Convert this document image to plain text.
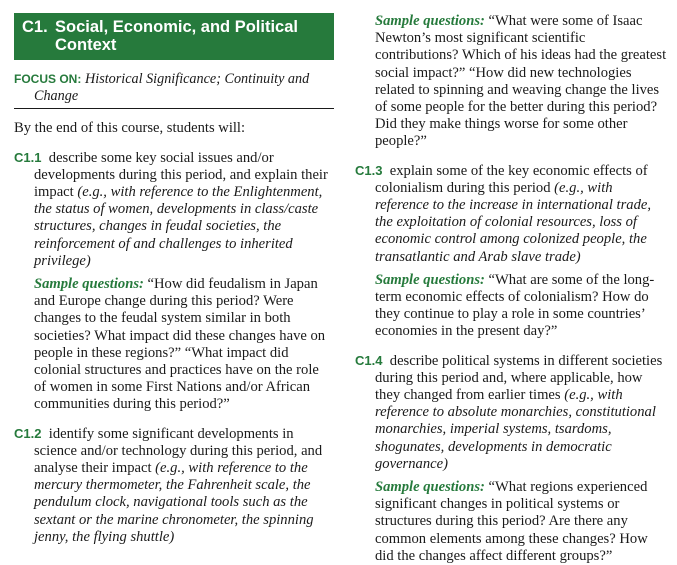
C1. Social, Economic, and Political Context
FOCUS ON: Historical Significance; Continuity and Change
By the end of this course, students will:
C1.1 describe some key social issues and/or developments during this period, and explain their impact (e.g., with reference to the Enlightenment, the status of women, developments in class/caste structures, changes in feudal societies, the reinforcement of and challenges to inherited privilege)
Sample questions: “How did feudalism in Japan and Europe change during this period? Were changes to the feudal system similar in both societies? What impact did these changes have on people in these regions?” “What impact did colonial structures and practices have on the role of women in some First Nations and/or African communities during this period?”
C1.2 identify some significant developments in science and/or technology during this period, and analyse their impact (e.g., with reference to the mercury thermometer, the Fahrenheit scale, the pendulum clock, navigational tools such as the sextant or the marine chronometer, the spinning jenny, the flying shuttle)
Sample questions: “What were some of Isaac Newton’s most significant scientific contributions? Which of his ideas had the greatest social impact?” “How did new technologies related to spinning and weaving change the lives of some people for the better during this period? Did they make things worse for some other people?”
C1.3 explain some of the key economic effects of colonialism during this period (e.g., with reference to the increase in international trade, the exploitation of colonial resources, loss of economic control among colonized people, the transatlantic and Arab slave trade)
Sample questions: “What are some of the long-term economic effects of colonialism? How do they continue to play a role in some countries’ economies in the present day?”
C1.4 describe political systems in different societies during this period and, where applicable, how they changed from earlier times (e.g., with reference to absolute monarchies, constitutional monarchies, imperial systems, tsardoms, shogunates, developments in democratic governance)
Sample questions: “What regions experienced significant changes in political systems or structures during this period? Are there any common elements among these changes? How did the changes affect different groups?”
